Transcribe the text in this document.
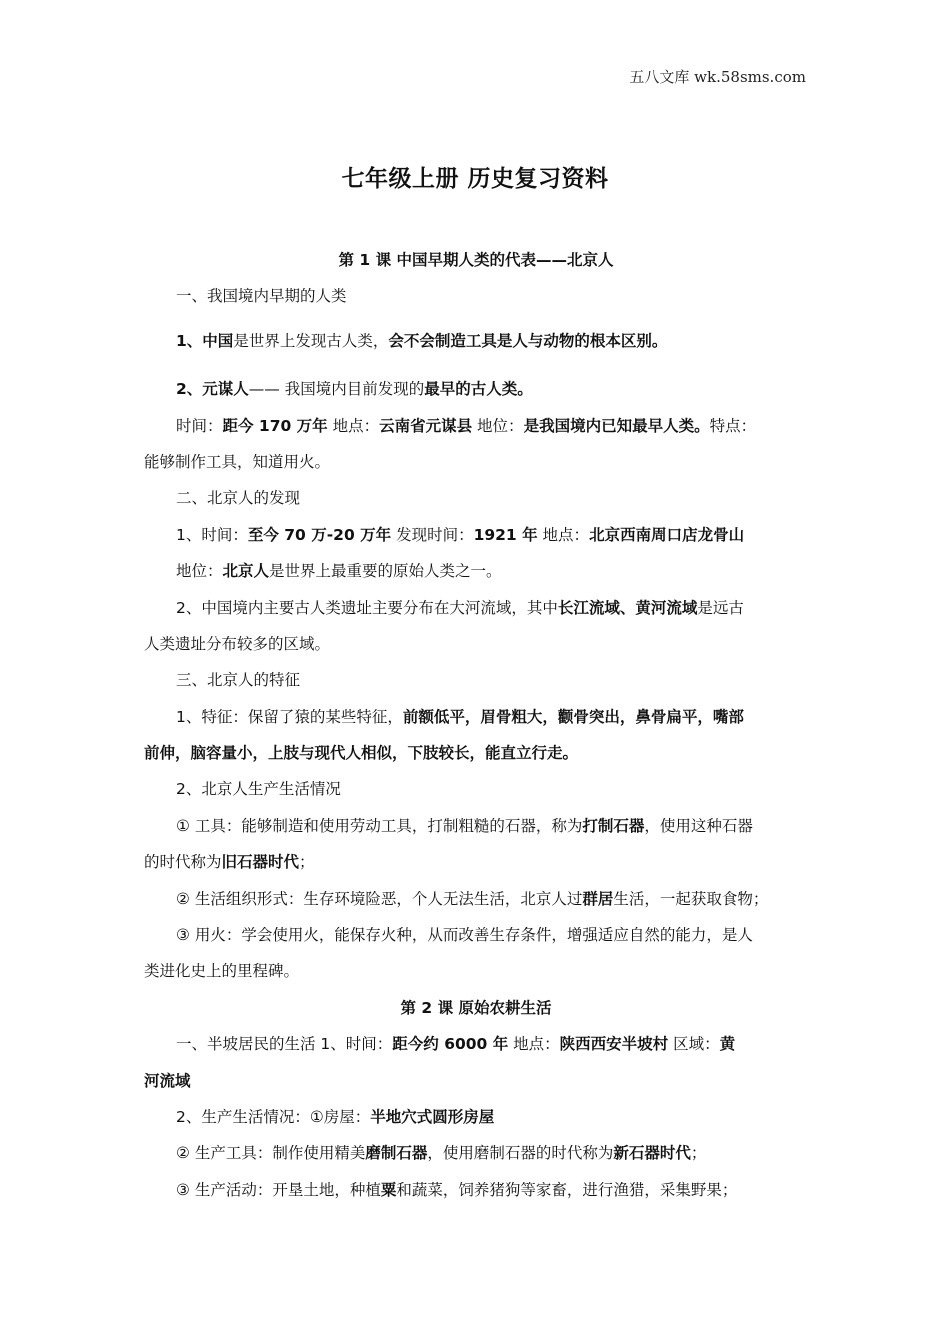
五八文库 wk.58sms.com
七年级上册 历史复习资料
第 1 课 中国早期人类的代表——北京人
一、我国境内早期的人类
1、中国是世界上发现古人类，会不会制造工具是人与动物的根本区别。
2、元谋人—— 我国境内目前发现的最早的古人类。
时间：距今 170 万年 地点：云南省元谋县 地位：是我国境内已知最早人类。特点：
能够制作工具，知道用火。
二、北京人的发现
1、时间：至今 70 万-20 万年 发现时间：1921 年 地点：北京西南周口店龙骨山
地位：北京人是世界上最重要的原始人类之一。
2、中国境内主要古人类遗址主要分布在大河流域，其中长江流域、黄河流域是远古
人类遗址分布较多的区域。
三、北京人的特征
1、特征：保留了猿的某些特征，前额低平，眉骨粗大，颧骨突出，鼻骨扁平，嘴部
前伸，脑容量小，上肢与现代人相似，下肢较长，能直立行走。
2、北京人生产生活情况
① 工具：能够制造和使用劳动工具，打制粗糙的石器，称为打制石器，使用这种石器
的时代称为旧石器时代；
② 生活组织形式：生存环境险恶，个人无法生活，北京人过群居生活，一起获取食物；
③ 用火：学会使用火，能保存火种，从而改善生存条件，增强适应自然的能力，是人
类进化史上的里程碑。
第 2 课 原始农耕生活
一、半坡居民的生活 1、时间：距今约 6000 年 地点：陕西西安半坡村 区域：黄
河流域
2、生产生活情况：①房屋：半地穴式圆形房屋
② 生产工具：制作使用精美磨制石器，使用磨制石器的时代称为新石器时代；
③ 生产活动：开垦土地，种植粟和蔬菜，饲养猪狗等家畜，进行渔猎，采集野果；
